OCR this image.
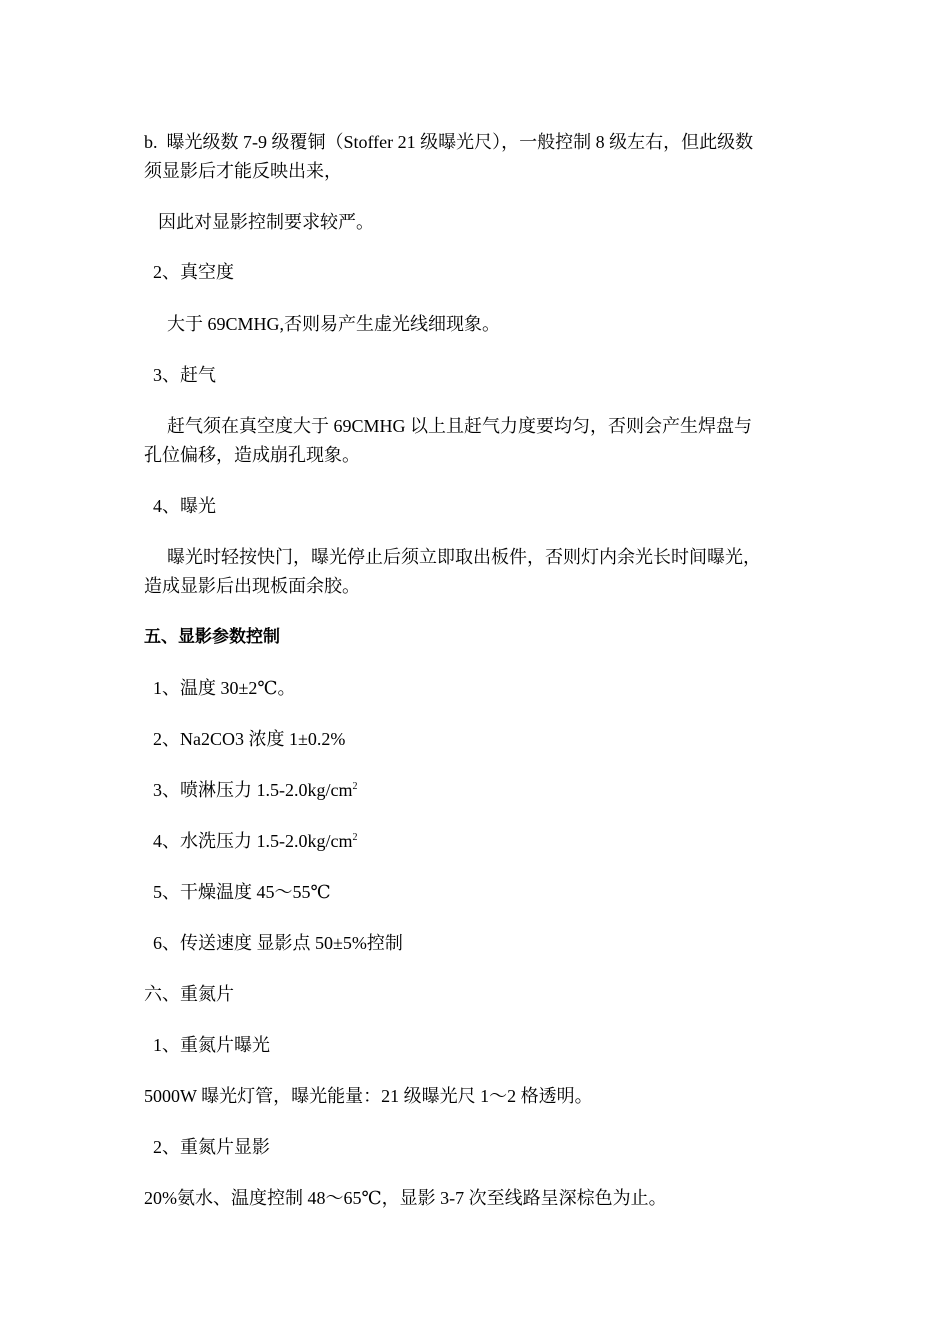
b.  曝光级数 7-9 级覆铜（Stoffer 21 级曝光尺），一般控制 8 级左右，但此级数
须显影后才能反映出来，
因此对显影控制要求较严。
2、真空度
大于 69CMHG,否则易产生虚光线细现象。
3、赶气
赶气须在真空度大于 69CMHG 以上且赶气力度要均匀，否则会产生焊盘与
孔位偏移，造成崩孔现象。
4、曝光
曝光时轻按快门，曝光停止后须立即取出板件，否则灯内余光长时间曝光，
造成显影后出现板面余胶。
五、显影参数控制
1、温度 30±2℃。
2、Na2CO3 浓度 1±0.2%
3、喷淋压力 $1.5-2.0kg/cm^2$
4、水洗压力 $1.5-2.0kg/cm^2$
5、干燥温度 45～55℃
6、传送速度 显影点 50±5%控制
六、重氮片
1、重氮片曝光
5000W 曝光灯管，曝光能量：21 级曝光尺 1～2 格透明。
2、重氮片显影
20%氨水、温度控制 48～65℃，显影 3-7 次至线路呈深棕色为止。
